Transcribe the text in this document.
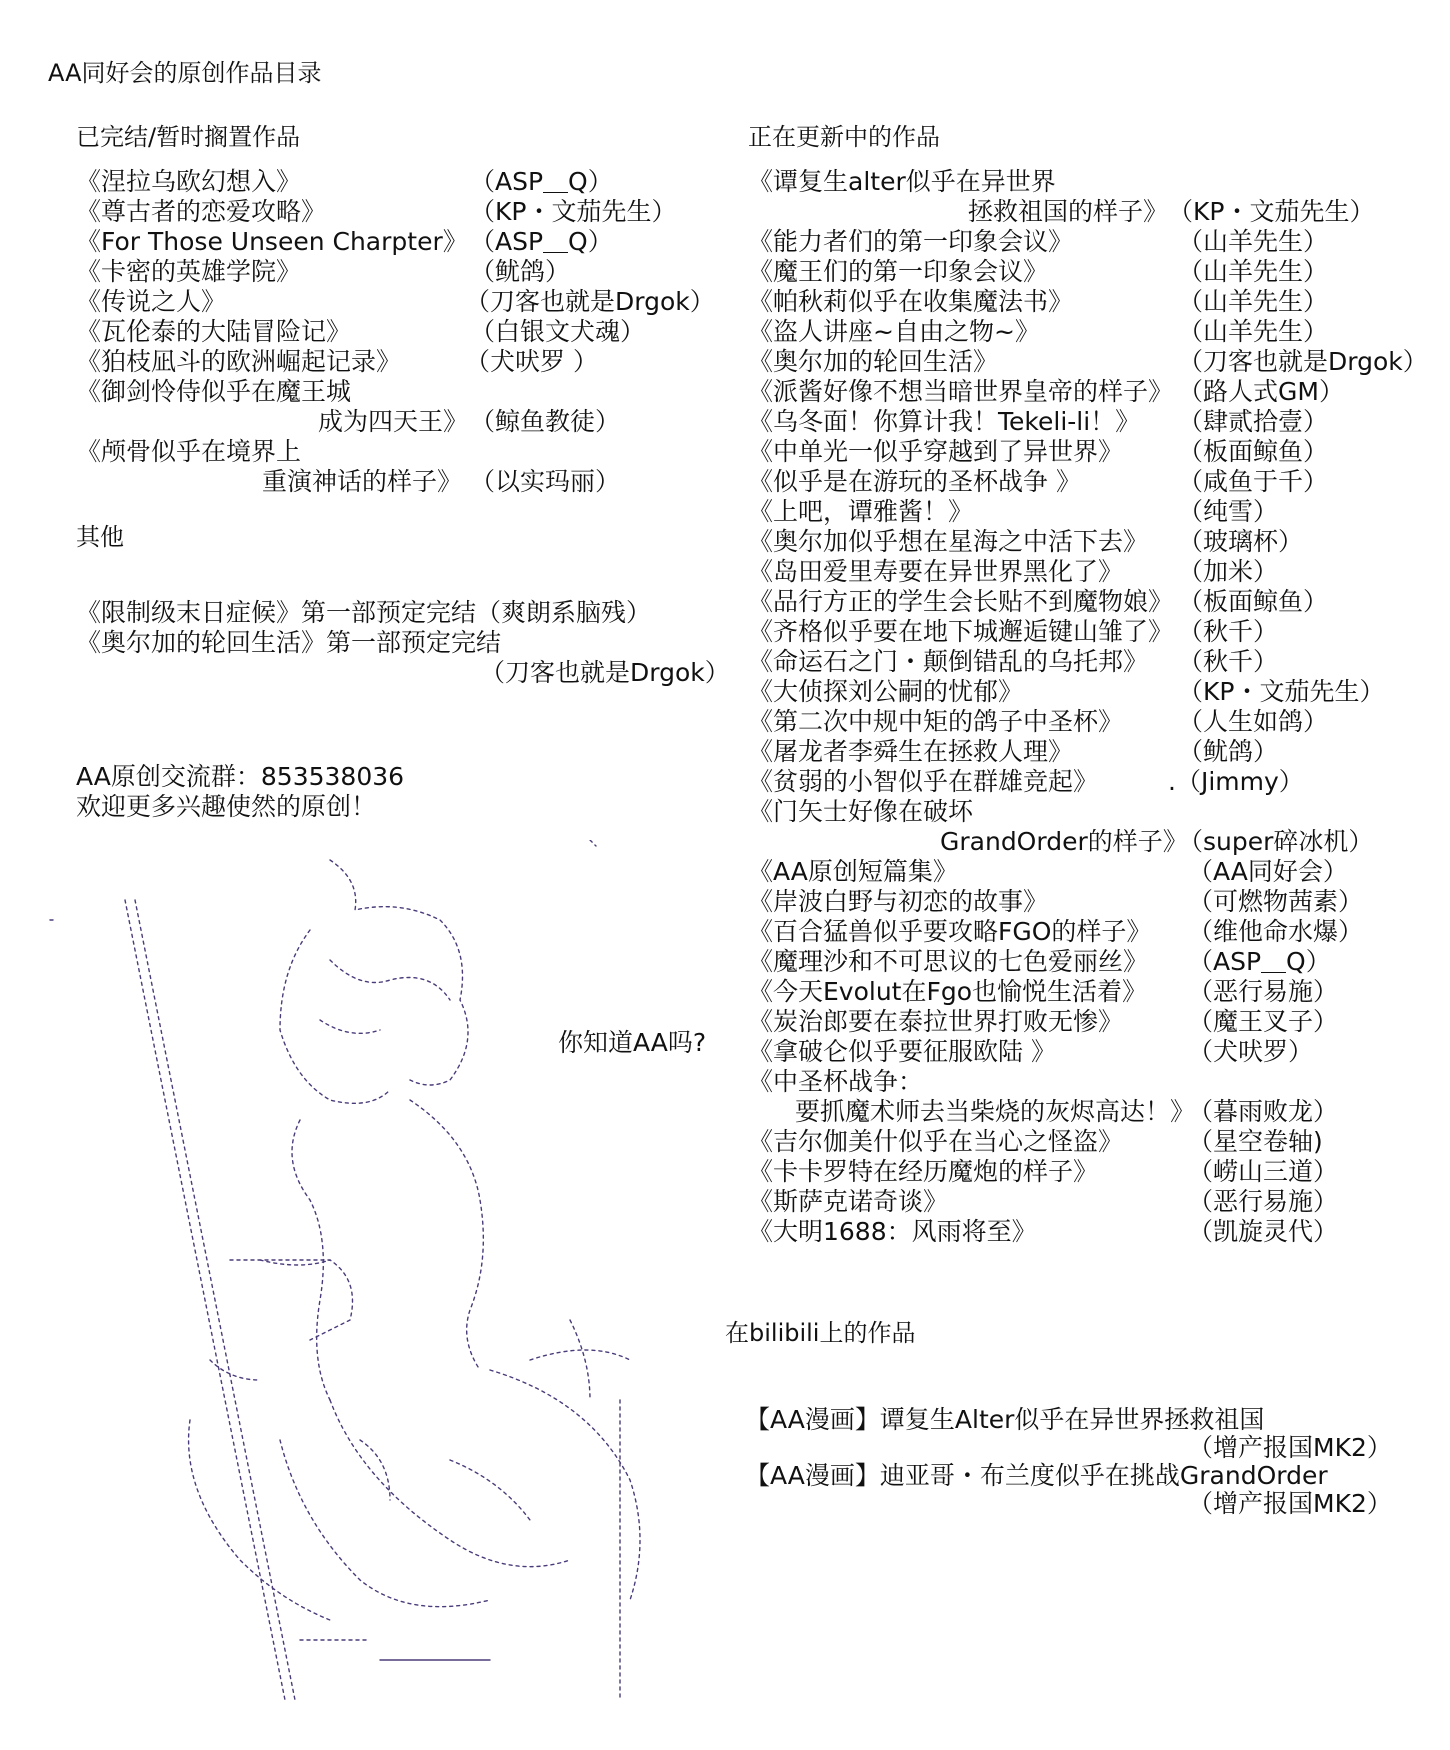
AA同好会的原创作品目录
已完结/暂时搁置作品
《涅拉乌欧幻想入》	（ASP＿Q）
《尊古者的恋爱攻略》	（KP・文茄先生）
《For Those Unseen Charpter》 （ASP＿Q）
《卡密的英雄学院》	（鱿鸽）
《传说之人》	（刀客也就是Drgok）
《瓦伦泰的大陆冒险记》	（白银文犬魂）
《狛枝凪斗的欧洲崛起记录》	（犬吠罗 ）
《御剑怜侍似乎在魔王城
成为四天王》 （鲸鱼教徒）
《颅骨似乎在境界上
重演神话的样子》 （以实玛丽）
其他
《限制级末日症候》第一部预定完结（爽朗系脑残）
《奥尔加的轮回生活》第一部预定完结
（刀客也就是Drgok）
AA原创交流群：853538036
欢迎更多兴趣使然的原创！
你知道AA吗?
正在更新中的作品
《谭复生alter似乎在异世界
拯救祖国的样子》 （KP・文茄先生）
《能力者们的第一印象会议》	（山羊先生）
《魔王们的第一印象会议》	（山羊先生）
《帕秋莉似乎在收集魔法书》	（山羊先生）
《盗人讲座~自由之物~》	（山羊先生）
《奥尔加的轮回生活》	（刀客也就是Drgok）
《派酱好像不想当暗世界皇帝的样子》 （路人式GM）
《乌冬面！你算计我！Tekeli-li！》 （肆贰拾壹）
《中单光一似乎穿越到了异世界》 （板面鲸鱼）
《似乎是在游玩的圣杯战争 》	（咸鱼于千）
《上吧，谭雅酱！》	（纯雪）
《奥尔加似乎想在星海之中活下去》 （玻璃杯）
《岛田爱里寿要在异世界黑化了》 （加米）
《品行方正的学生会长贴不到魔物娘》 （板面鲸鱼）
《齐格似乎要在地下城邂逅键山雏了》 （秋千）
《命运石之门・颠倒错乱的乌托邦》 （秋千）
《大侦探刘公嗣的忧郁》	（KP・文茄先生）
《第二次中规中矩的鸽子中圣杯》 （人生如鸽）
《屠龙者李舜生在拯救人理》	（鱿鸽）
《贫弱的小智似乎在群雄竞起》	.（Jimmy）
《门矢士好像在破坏
GrandOrder的样子》
（super碎冰机）
《AA原创短篇集》	（AA同好会）
《岸波白野与初恋的故事》	（可燃物茜素）
《百合猛兽似乎要攻略FGO的样子》 （维他命水爆）
《魔理沙和不可思议的七色爱丽丝》 （ASP＿Q）
《今天Evolut在Fgo也愉悦生活着》 （恶行易施）
《炭治郎要在泰拉世界打败无惨》	（魔王叉子）
《拿破仑似乎要征服欧陆 》	（犬吠罗）
《中圣杯战争：
要抓魔术师去当柴烧的灰烬高达！》
（暮雨败龙）
《吉尔伽美什似乎在当心之怪盗》	（星空卷轴)
《卡卡罗特在经历魔炮的样子》	（崂山三道）
《斯萨克诺奇谈》	（恶行易施）
《大明1688：风雨将至》	（凯旋灵代）
在bilibili上的作品
【AA漫画】谭复生Alter似乎在异世界拯救祖国
（增产报国MK2）
【AA漫画】迪亚哥・布兰度似乎在挑战GrandOrder
（增产报国MK2）
